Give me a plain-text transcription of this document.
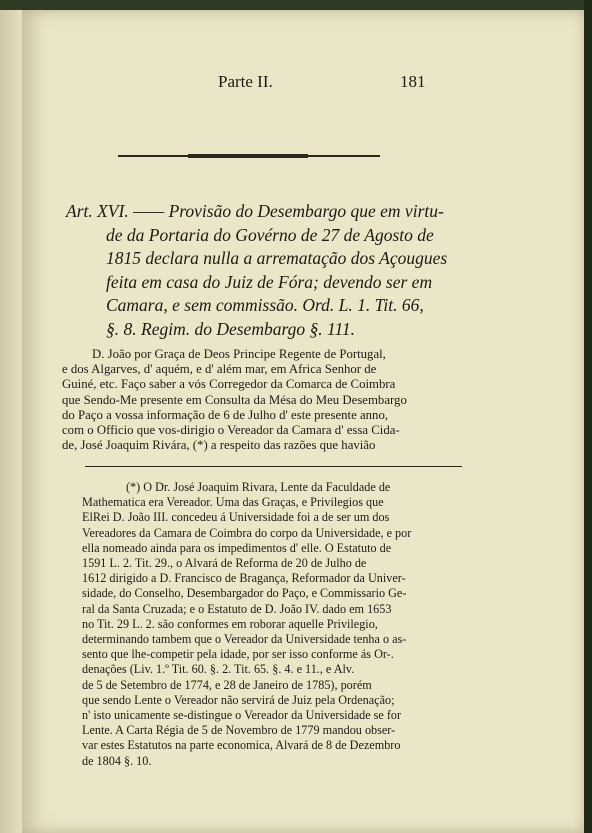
Parte II.	181
Art. XVI. —— Provisão do Desembargo que em virtu-
de da Portaria do Govérno de 27 de Agosto de
1815 declara nulla a arrematação dos Açougues
feita em casa do Juiz de Fóra; devendo ser em
Camara, e sem commissão. Ord. L. 1. Tit. 66,
§. 8. Regim. do Desembargo §. 111.
D. João por Graça de Deos Principe Regente de Portugal,
e dos Algarves, d' aquém, e d' além mar, em Africa Senhor de
Guiné, etc. Faço saber a vós Corregedor da Comarca de Coimbra
que Sendo-Me presente em Consulta da Mésa do Meu Desembargo
do Paço a vossa informação de 6 de Julho d' este presente anno,
com o Officio que vos-dirigio o Vereador da Camara d' essa Cida-
de, José Joaquim Rivára, (*) a respeito das razões que havião
(*) O Dr. José Joaquim Rivara, Lente da Faculdade de
Mathematica era Vereador. Uma das Graças, e Privilegios que
ElRei D. João III. concedeu á Universidade foi a de ser um dos
Vereadores da Camara de Coimbra do corpo da Universidade, e por
ella nomeado ainda para os impedimentos d' elle. O Estatuto de
1591 L. 2. Tit. 29., o Alvará de Reforma de 20 de Julho de
1612 dirigido a D. Francisco de Bragança, Reformador da Univer-
sidade, do Conselho, Desembargador do Paço, e Commissario Ge-
ral da Santa Cruzada; e o Estatuto de D. João IV. dado em 1653
no Tit. 29 L. 2. são conformes em roborar aquelle Privilegio,
determinando tambem que o Vereador da Universidade tenha o as-
sento que lhe-competir pela idade, por ser isso conforme ás Or-.
denações (Liv. 1.º Tit. 60. §. 2. Tit. 65. §. 4. e 11., e Alv.
de 5 de Setembro de 1774, e 28 de Janeiro de 1785), porém
que sendo Lente o Vereador não servirá de Juiz pela Ordenação;
n' isto unicamente se-distingue o Vereador da Universidade se for
Lente. A Carta Régia de 5 de Novembro de 1779 mandou obser-
var estes Estatutos na parte economica, Alvará de 8 de Dezembro
de 1804 §. 10.
